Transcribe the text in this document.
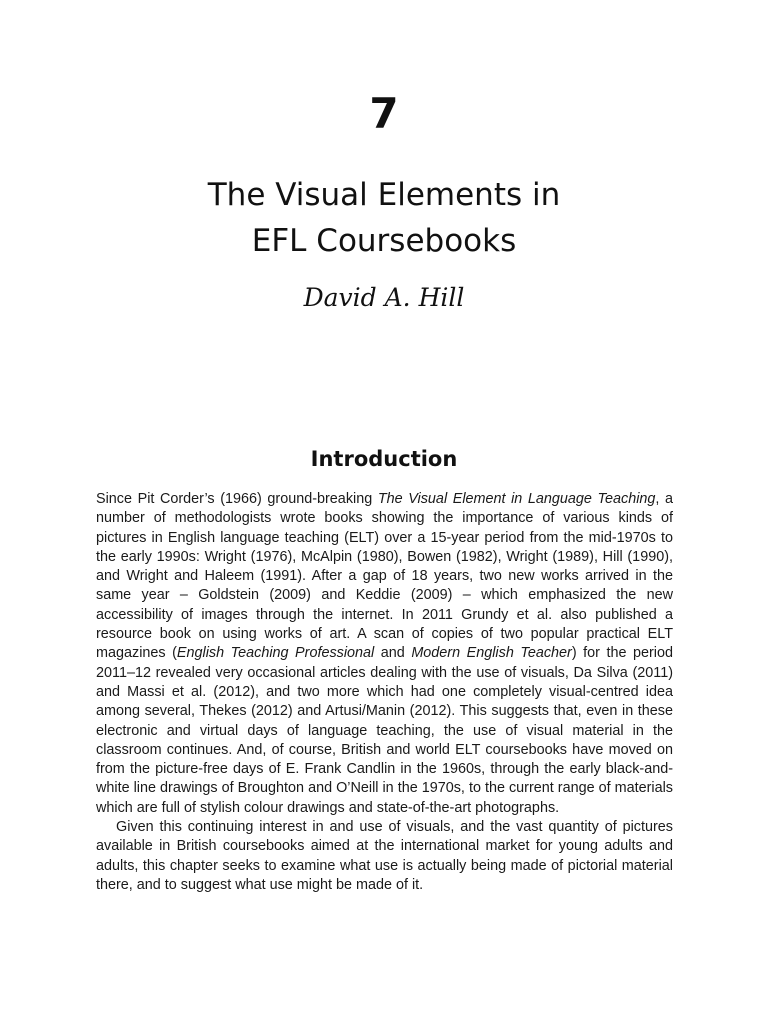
7
The Visual Elements in
EFL Coursebooks
David A. Hill
Introduction

Since Pit Corder’s (1966) ground-breaking The Visual Element in Language Teaching, a number of methodologists wrote books showing the importance of various kinds of pictures in English language teaching (ELT) over a 15-year period from the mid-1970s to the early 1990s: Wright (1976), McAlpin (1980), Bowen (1982), Wright (1989), Hill (1990), and Wright and Haleem (1991). After a gap of 18 years, two new works arrived in the same year – Goldstein (2009) and Keddie (2009) – which emphasized the new accessibility of images through the internet. In 2011 Grundy et al. also published a resource book on using works of art. A scan of copies of two popular practical ELT magazines (English Teaching Professional and Modern English Teacher) for the period 2011–12 revealed very occasional articles dealing with the use of visuals, Da Silva (2011) and Massi et al. (2012), and two more which had one completely visual-centred idea among several, Thekes (2012) and Artusi/Manin (2012). This suggests that, even in these electronic and virtual days of language teaching, the use of visual material in the classroom continues. And, of course, British and world ELT coursebooks have moved on from the picture-free days of E. Frank Candlin in the 1960s, through the early black-and-white line drawings of Broughton and O’Neill in the 1970s, to the current range of materials which are full of stylish colour drawings and state-of-the-art photographs.

Given this continuing interest in and use of visuals, and the vast quantity of pictures available in British coursebooks aimed at the international market for young adults and adults, this chapter seeks to examine what use is actually being made of pictorial material there, and to suggest what use might be made of it.
